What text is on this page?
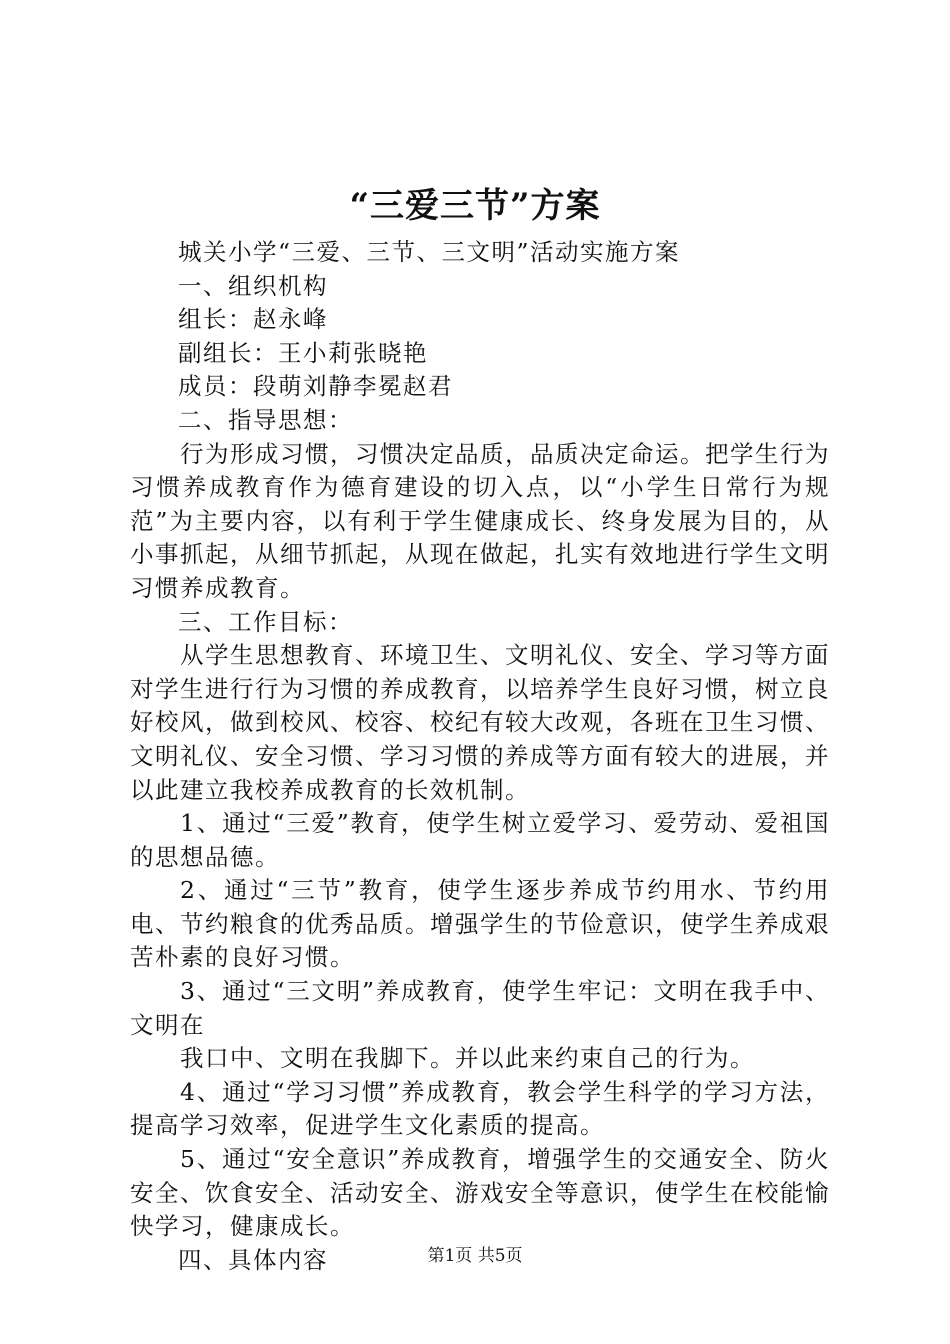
“三爱三节”方案

城关小学“三爱、三节、三文明”活动实施方案

一、组织机构

组长：赵永峰

副组长：王小莉张晓艳

成员：段萌刘静李冕赵君

二、指导思想：

行为形成习惯，习惯决定品质，品质决定命运。把学生行为习惯养成教育作为德育建设的切入点，以“小学生日常行为规范”为主要内容，以有利于学生健康成长、终身发展为目的，从小事抓起，从细节抓起，从现在做起，扎实有效地进行学生文明习惯养成教育。

三、工作目标：

从学生思想教育、环境卫生、文明礼仪、安全、学习等方面对学生进行行为习惯的养成教育，以培养学生良好习惯，树立良好校风，做到校风、校容、校纪有较大改观，各班在卫生习惯、文明礼仪、安全习惯、学习习惯的养成等方面有较大的进展，并以此建立我校养成教育的长效机制。

1、通过“三爱”教育，使学生树立爱学习、爱劳动、爱祖国的思想品德。

2、通过“三节”教育，使学生逐步养成节约用水、节约用电、节约粮食的优秀品质。增强学生的节俭意识，使学生养成艰苦朴素的良好习惯。

3、通过“三文明”养成教育，使学生牢记：文明在我手中、文明在

我口中、文明在我脚下。并以此来约束自己的行为。

4、通过“学习习惯”养成教育，教会学生科学的学习方法，提高学习效率，促进学生文化素质的提高。

5、通过“安全意识”养成教育，增强学生的交通安全、防火安全、饮食安全、活动安全、游戏安全等意识，使学生在校能愉快学习，健康成长。

四、具体内容	第1页 共5页
